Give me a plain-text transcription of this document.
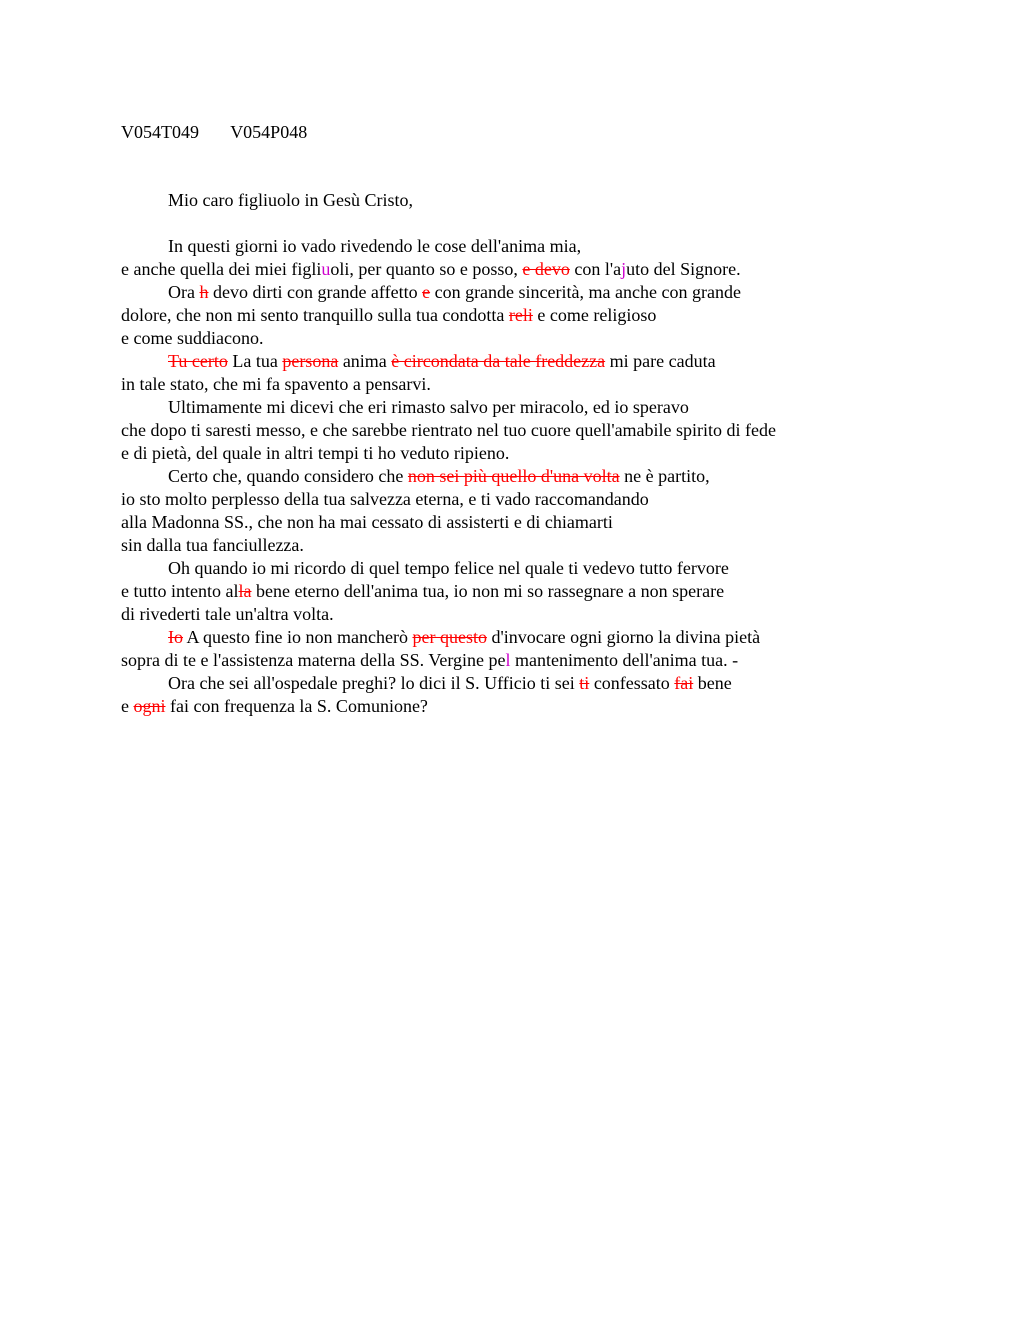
V054T049 V054P048
Mio caro figliuolo in Gesù Cristo,
In questi giorni io vado rivedendo le cose dell'anima mia,
e anche quella dei miei figliuoli, per quanto so e posso, e devo con l'ajuto del Signore.
Ora h devo dirti con grande affetto e con grande sincerità, ma anche con grande
dolore, che non mi sento tranquillo sulla tua condotta reli e come religioso
e come suddiacono.
Tu certo La tua persona anima è circondata da tale freddezza mi pare caduta
in tale stato, che mi fa spavento a pensarvi.
Ultimamente mi dicevi che eri rimasto salvo per miracolo, ed io speravo
che dopo ti saresti messo, e che sarebbe rientrato nel tuo cuore quell'amabile spirito di fede
e di pietà, del quale in altri tempi ti ho veduto ripieno.
Certo che, quando considero che non sei più quello d'una volta ne è partito,
io sto molto perplesso della tua salvezza eterna, e ti vado raccomandando
alla Madonna SS., che non ha mai cessato di assisterti e di chiamarti
sin dalla tua fanciullezza.
Oh quando io mi ricordo di quel tempo felice nel quale ti vedevo tutto fervore
e tutto intento alla bene eterno dell'anima tua, io non mi so rassegnare a non sperare
di rivederti tale un'altra volta.
Io A questo fine io non mancherò per questo d'invocare ogni giorno la divina pietà
sopra di te e l'assistenza materna della SS. Vergine pel mantenimento dell'anima tua. -
Ora che sei all'ospedale preghi? lo dici il S. Ufficio ti sei ti confessato fai bene
e ogni fai con frequenza la S. Comunione?
